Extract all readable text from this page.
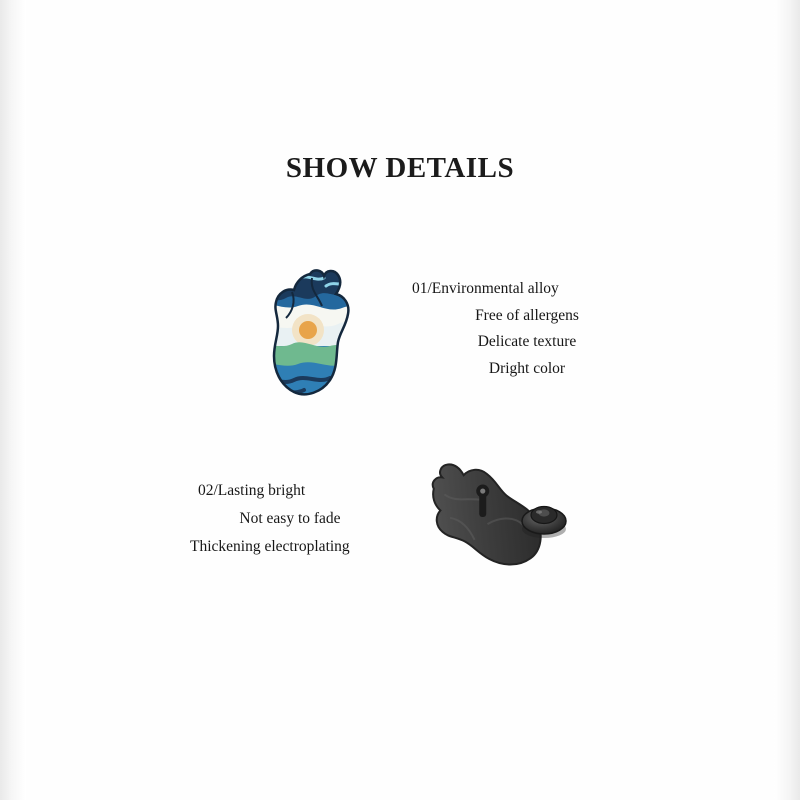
SHOW DETAILS
01/Environmental alloy
Free of allergens
Delicate texture
Dright color
02/Lasting bright
Not easy to fade
Thickening electroplating
